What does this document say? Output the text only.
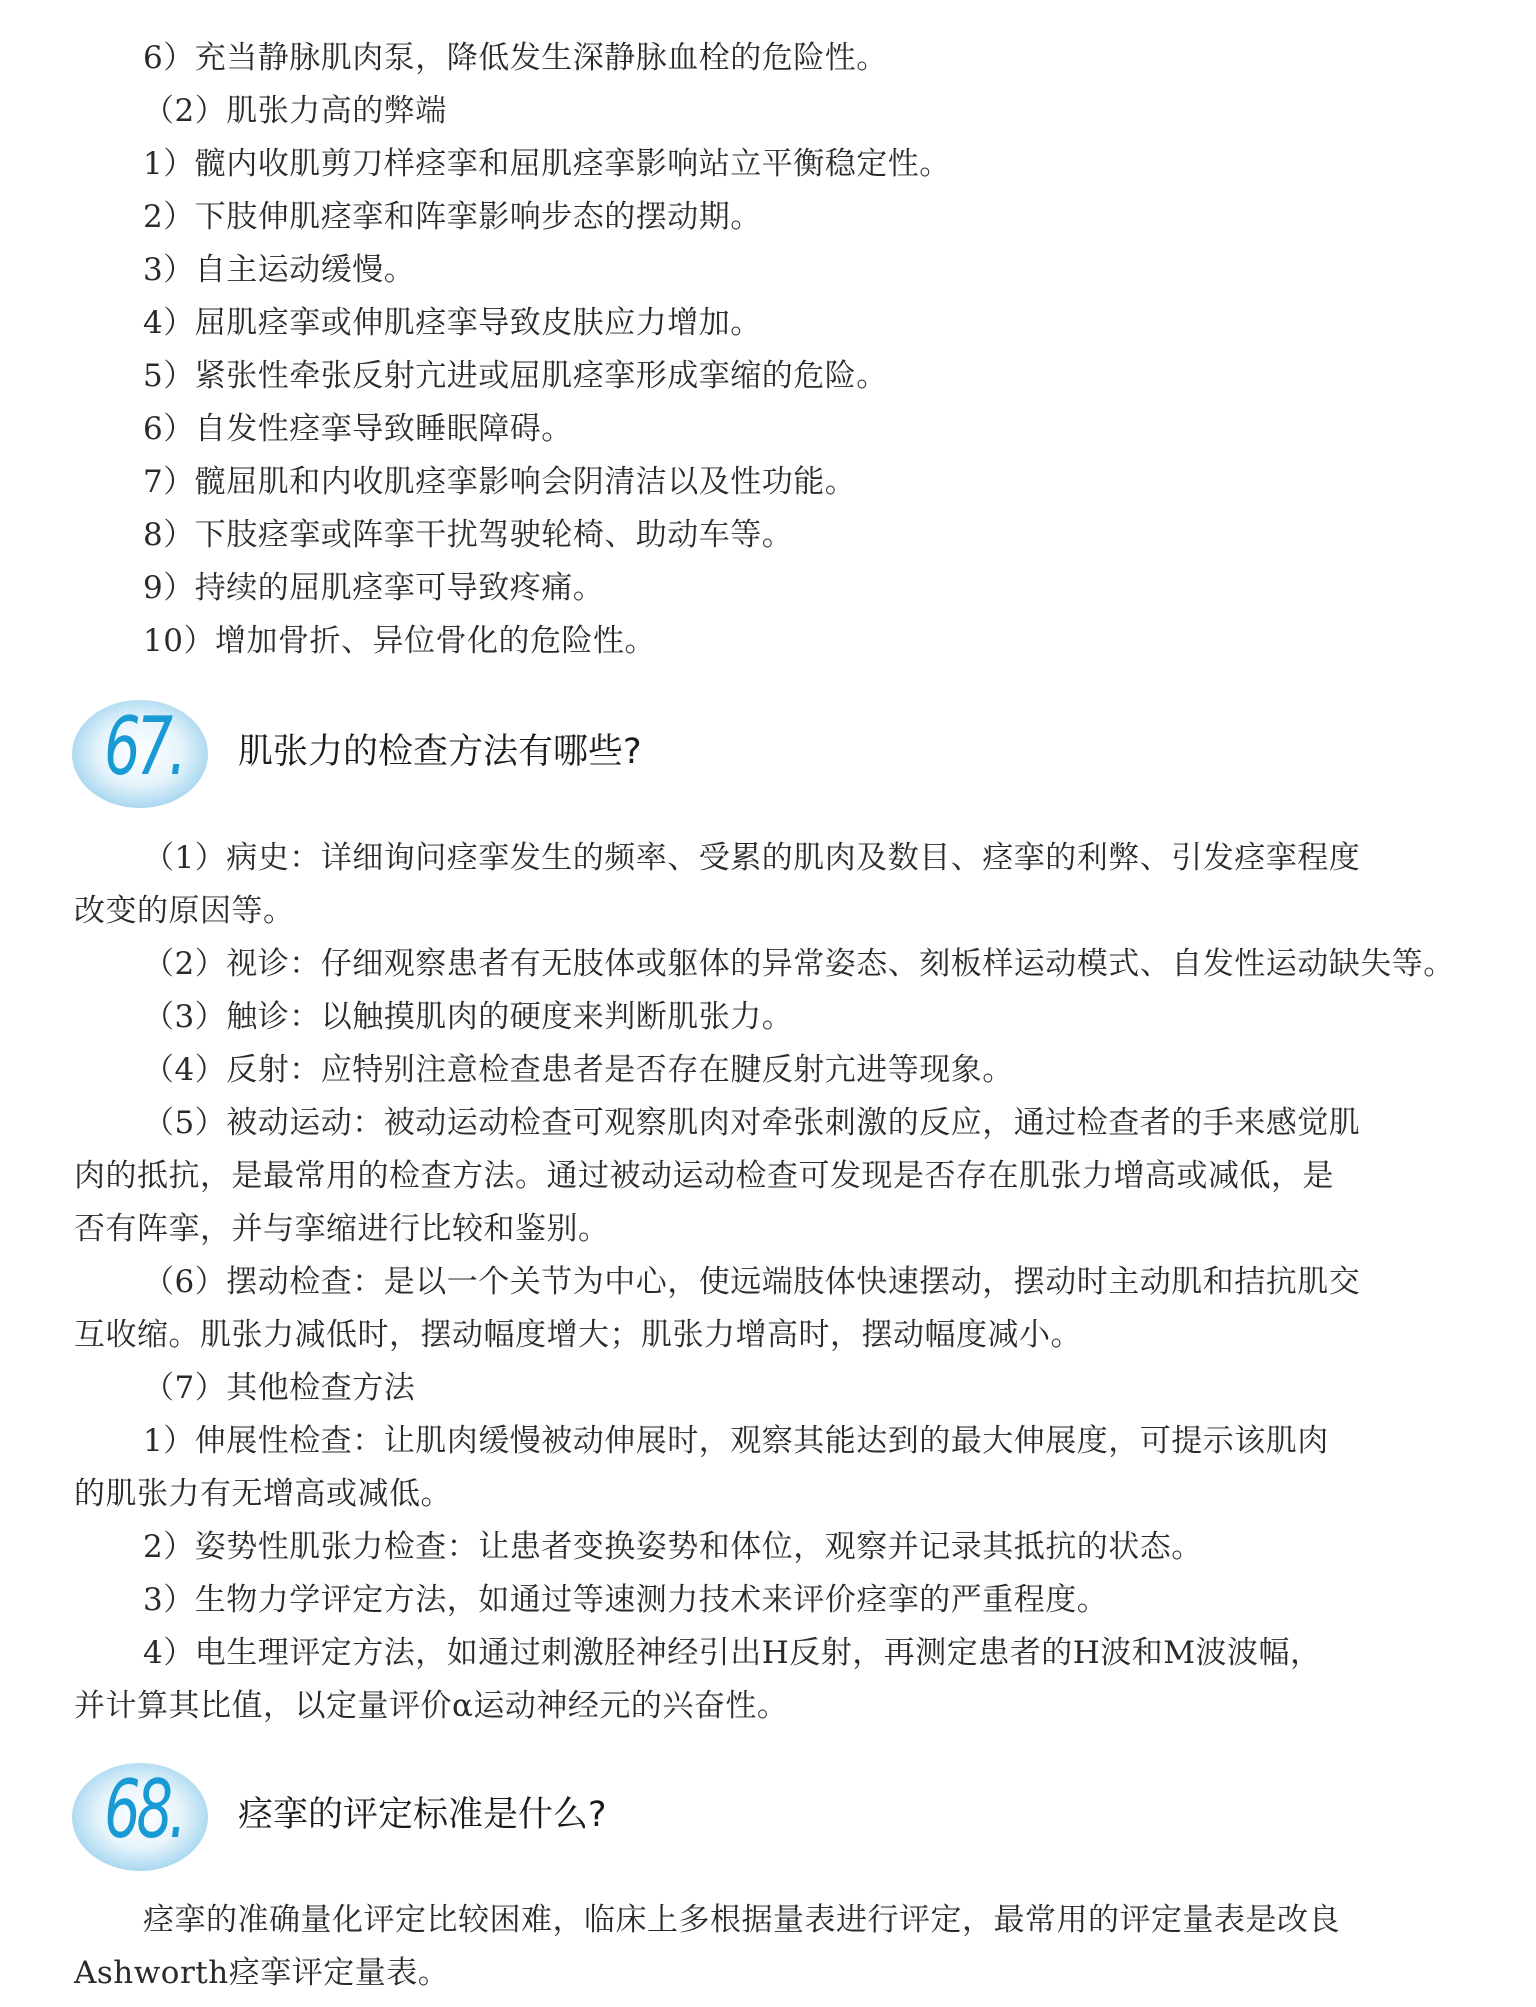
6）充当静脉肌肉泵，降低发生深静脉血栓的危险性。
（2）肌张力高的弊端
1）髋内收肌剪刀样痉挛和屈肌痉挛影响站立平衡稳定性。
2）下肢伸肌痉挛和阵挛影响步态的摆动期。
3）自主运动缓慢。
4）屈肌痉挛或伸肌痉挛导致皮肤应力增加。
5）紧张性牵张反射亢进或屈肌痉挛形成挛缩的危险。
6）自发性痉挛导致睡眠障碍。
7）髋屈肌和内收肌痉挛影响会阴清洁以及性功能。
8）下肢痉挛或阵挛干扰驾驶轮椅、助动车等。
9）持续的屈肌痉挛可导致疼痛。
10）增加骨折、异位骨化的危险性。
67. 肌张力的检查方法有哪些?
（1）病史：详细询问痉挛发生的频率、受累的肌肉及数目、痉挛的利弊、引发痉挛程度
改变的原因等。
（2）视诊：仔细观察患者有无肢体或躯体的异常姿态、刻板样运动模式、自发性运动缺失等。
（3）触诊：以触摸肌肉的硬度来判断肌张力。
（4）反射：应特别注意检查患者是否存在腱反射亢进等现象。
（5）被动运动：被动运动检查可观察肌肉对牵张刺激的反应，通过检查者的手来感觉肌
肉的抵抗，是最常用的检查方法。通过被动运动检查可发现是否存在肌张力增高或减低，是
否有阵挛，并与挛缩进行比较和鉴别。
（6）摆动检查：是以一个关节为中心，使远端肢体快速摆动，摆动时主动肌和拮抗肌交
互收缩。肌张力减低时，摆动幅度增大；肌张力增高时，摆动幅度减小。
（7）其他检查方法
1）伸展性检查：让肌肉缓慢被动伸展时，观察其能达到的最大伸展度，可提示该肌肉
的肌张力有无增高或减低。
2）姿势性肌张力检查：让患者变换姿势和体位，观察并记录其抵抗的状态。
3）生物力学评定方法，如通过等速测力技术来评价痉挛的严重程度。
4）电生理评定方法，如通过刺激胫神经引出H反射，再测定患者的H波和M波波幅，
并计算其比值，以定量评价α运动神经元的兴奋性。
68. 痉挛的评定标准是什么?
痉挛的准确量化评定比较困难，临床上多根据量表进行评定，最常用的评定量表是改良
Ashworth痉挛评定量表。
